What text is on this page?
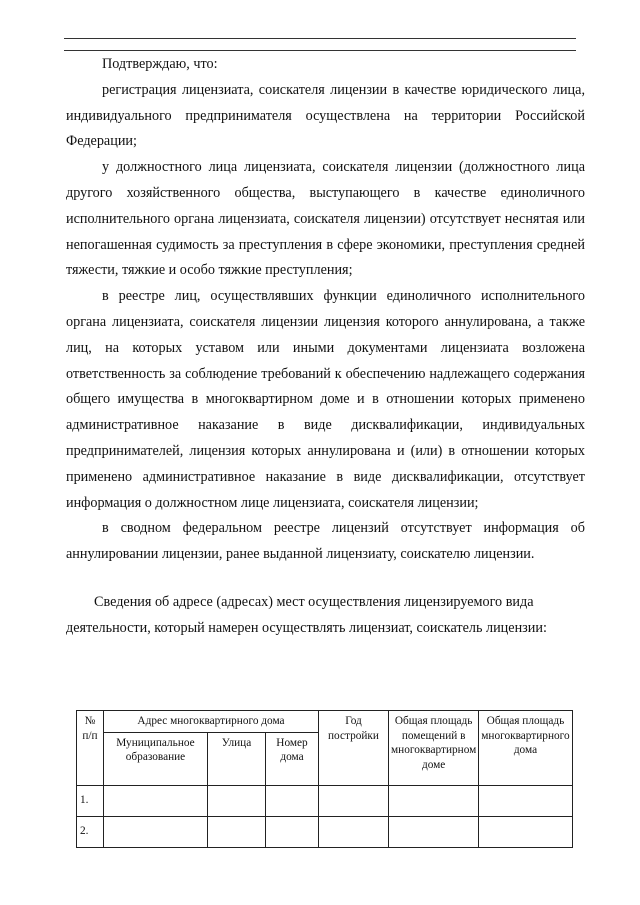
Подтверждаю, что:

регистрация лицензиата, соискателя лицензии в качестве юридического лица, индивидуального предпринимателя осуществлена на территории Российской Федерации;

у должностного лица лицензиата, соискателя лицензии (должностного лица другого хозяйственного общества, выступающего в качестве единоличного исполнительного органа лицензиата, соискателя лицензии) отсутствует неснятая или непогашенная судимость за преступления в сфере экономики, преступления средней тяжести, тяжкие и особо тяжкие преступления;

в реестре лиц, осуществлявших функции единоличного исполнительного органа лицензиата, соискателя лицензии лицензия которого аннулирована, а также лиц, на которых уставом или иными документами лицензиата возложена ответственность за соблюдение требований к обеспечению надлежащего содержания общего имущества в многоквартирном доме и в отношении которых применено административное наказание в виде дисквалификации, индивидуальных предпринимателей, лицензия которых аннулирована и (или) в отношении которых применено административное наказание в виде дисквалификации, отсутствует информация о должностном лице лицензиата, соискателя лицензии;

в сводном федеральном реестре лицензий отсутствует информация об аннулировании лицензии, ранее выданной лицензиату, соискателю лицензии.

Сведения об адресе (адресах) мест осуществления лицензируемого вида деятельности, который намерен осуществлять лицензиат, соискатель лицензии:

№ п/п	Адрес многоквартирного дома			Год постройки	Общая площадь помещений в многоквартирном доме	Общая площадь многоквартирного дома
	Муниципальное образование	Улица	Номер дома			
1.						
2.						
